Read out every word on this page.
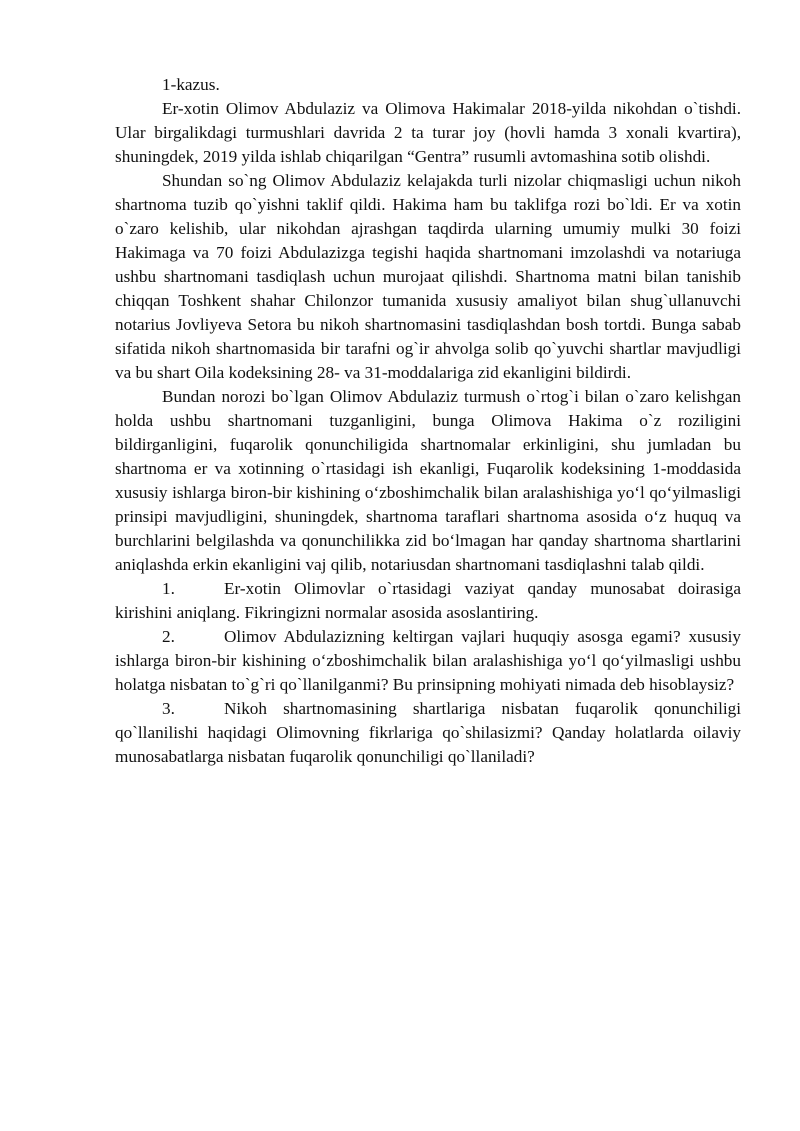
1-kazus.

Er-xotin Olimov Abdulaziz va Olimova Hakimalar 2018-yilda nikohdan o`tishdi. Ular birgalikdagi turmushlari davrida 2 ta turar joy (hovli hamda 3 xonali kvartira), shuningdek, 2019 yilda ishlab chiqarilgan “Gentra” rusumli avtomashina sotib olishdi.

Shundan so`ng Olimov Abdulaziz kelajakda turli nizolar chiqmasligi uchun nikoh shartnoma tuzib qo`yishni taklif qildi. Hakima ham bu taklifga rozi bo`ldi. Er va xotin o`zaro kelishib, ular nikohdan ajrashgan taqdirda ularning umumiy mulki 30 foizi Hakimaga va 70 foizi Abdulazizga tegishi haqida shartnomani imzolashdi va notariuga ushbu shartnomani tasdiqlash uchun murojaat qilishdi. Shartnoma matni bilan tanishib chiqqan Toshkent shahar Chilonzor tumanida xususiy amaliyot bilan shug`ullanuvchi notarius Jovliyeva Setora bu nikoh shartnomasini tasdiqlashdan bosh tortdi. Bunga sabab sifatida nikoh shartnomasida bir tarafni og`ir ahvolga solib qo`yuvchi shartlar mavjudligi va bu shart Oila kodeksining 28- va 31-moddalariga zid ekanligini bildirdi.

Bundan norozi bo`lgan Olimov Abdulaziz turmush o`rtog`i bilan o`zaro kelishgan holda ushbu shartnomani tuzganligini, bunga Olimova Hakima o`z roziligini bildirganligini, fuqarolik qonunchiligida shartnomalar erkinligini, shu jumladan bu shartnoma er va xotinning o`rtasidagi ish ekanligi, Fuqarolik kodeksining 1-moddasida xususiy ishlarga biron-bir kishining o‘zboshimchalik bilan aralashishiga yo‘l qo‘yilmasligi prinsipi mavjudligini, shuningdek, shartnoma taraflari shartnoma asosida o‘z huquq va burchlarini belgilashda va qonunchilikka zid bo‘lmagan har qanday shartnoma shartlarini aniqlashda erkin ekanligini vaj qilib, notariusdan shartnomani tasdiqlashni talab qildi.

1.	Er-xotin Olimovlar o`rtasidagi vaziyat qanday munosabat doirasiga kirishini aniqlang. Fikringizni normalar asosida asoslantiring.

2.	Olimov Abdulazizning keltirgan vajlari huquqiy asosga egami? xususiy ishlarga biron-bir kishining o‘zboshimchalik bilan aralashishiga yo‘l qo‘yilmasligi ushbu holatga nisbatan to`g`ri qo`llanilganmi? Bu prinsipning mohiyati nimada deb hisoblaysiz?

3.	Nikoh shartnomasining shartlariga nisbatan fuqarolik qonunchiligi qo`llanilishi haqidagi Olimovning fikrlariga qo`shilasizmi? Qanday holatlarda oilaviy munosabatlarga nisbatan fuqarolik qonunchiligi qo`llaniladi?
